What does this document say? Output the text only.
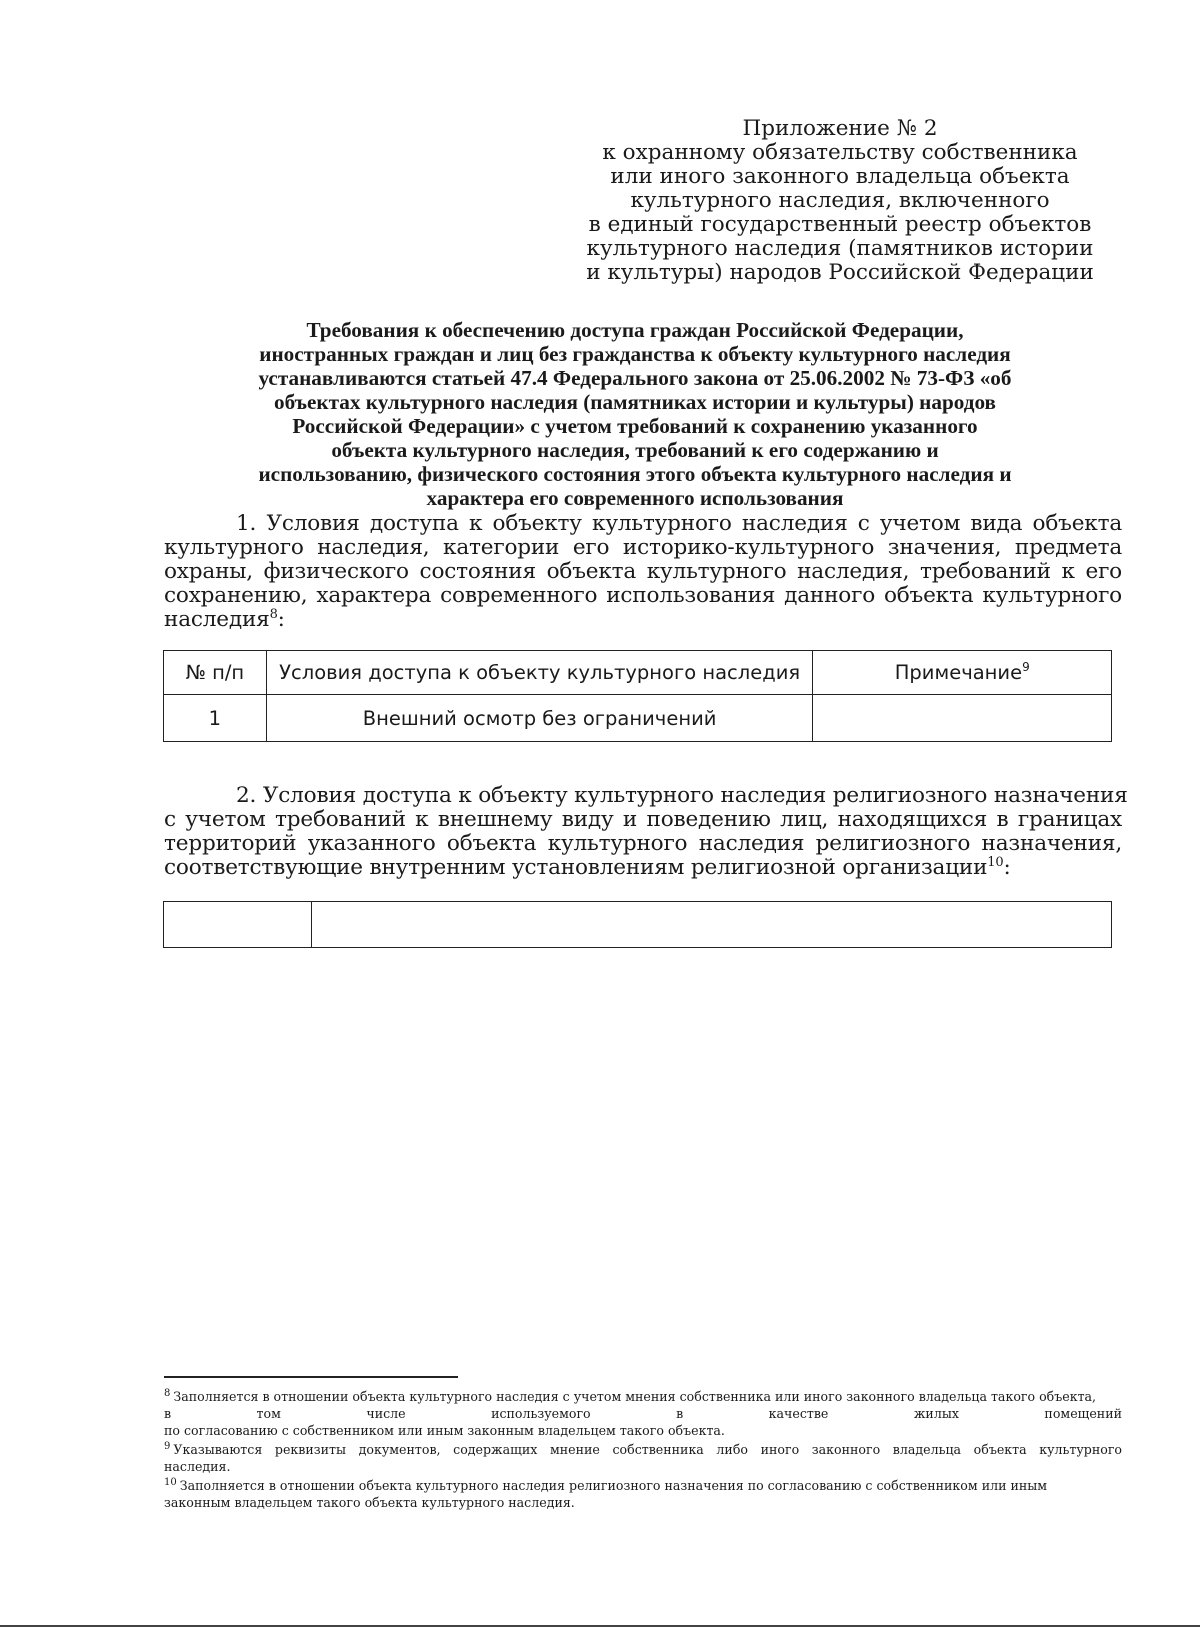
Приложение № 2
к охранному обязательству собственника
или иного законного владельца объекта
культурного наследия, включенного
в единый государственный реестр объектов
культурного наследия (памятников истории
и культуры) народов Российской Федерации
Требования к обеспечению доступа граждан Российской Федерации,
иностранных граждан и лиц без гражданства к объекту культурного наследия
устанавливаются статьей 47.4 Федерального закона от 25.06.2002 № 73-ФЗ «об
объектах культурного наследия (памятниках истории и культуры) народов
Российской Федерации» с учетом требований к сохранению указанного
объекта культурного наследия, требований к его содержанию и
использованию, физического состояния этого объекта культурного наследия и
характера его современного использования
1. Условия доступа к объекту культурного наследия с учетом вида объекта
культурного наследия, категории его историко-культурного значения, предмета
охраны, физического состояния объекта культурного наследия, требований к его
сохранению, характера современного использования данного объекта культурного
наследия$^8$:
№ п/п	Условия доступа к объекту культурного наследия	Примечание$^9$
1	Внешний осмотр без ограничений	
2. Условия доступа к объекту культурного наследия религиозного назначения
с учетом требований к внешнему виду и поведению лиц, находящихся в границах
территорий указанного объекта культурного наследия религиозного назначения,
соответствующие внутренним установлениям религиозной организации$^{10}$:

$^8$ Заполняется в отношении объекта культурного наследия с учетом мнения собственника или иного законного владельца такого объекта,
в том числе используемого в качестве жилых помещений
по согласованию с собственником или иным законным владельцем такого объекта.
$^9$ Указываются реквизиты документов, содержащих мнение собственника либо иного законного владельца объекта культурного
наследия.
$^{10}$ Заполняется в отношении объекта культурного наследия религиозного назначения по согласованию с собственником или иным
законным владельцем такого объекта культурного наследия.
